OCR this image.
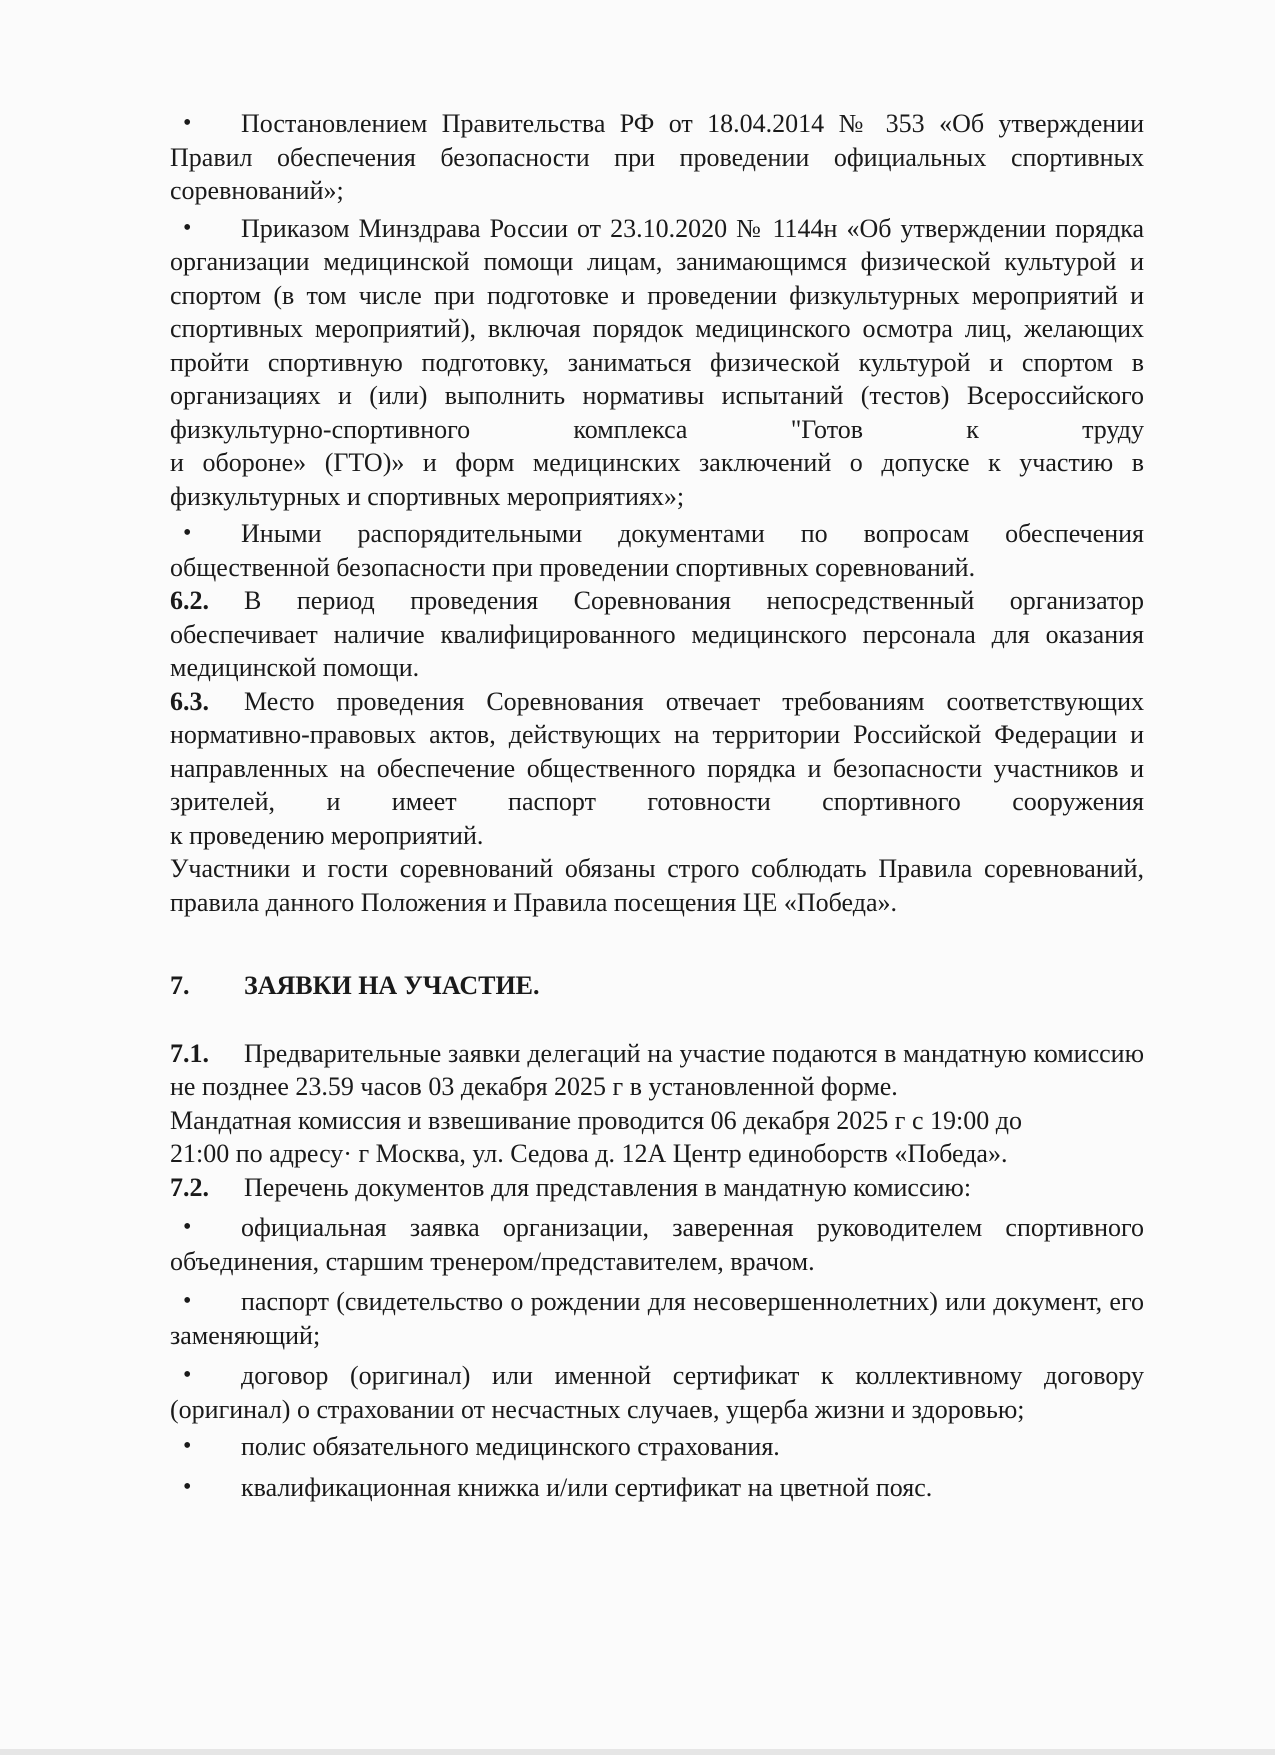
• Постановлением Правительства РФ от 18.04.2014 № 353 «Об утверждении Правил обеспечения безопасности при проведении официальных спортивных соревнований»;

• Приказом Минздрава России от 23.10.2020 № 1144н «Об утверждении порядка организации медицинской помощи лицам, занимающимся физической культурой и спортом (в том числе при подготовке и проведении физкультурных мероприятий и спортивных мероприятий), включая порядок медицинского осмотра лиц, желающих пройти спортивную подготовку, заниматься физической культурой и спортом в организациях и (или) выполнить нормативы испытаний (тестов) Всероссийского физкультурно-спортивного комплекса "Готов к труду

и обороне» (ГТО)» и форм медицинских заключений о допуске к участию в физкультурных и спортивных мероприятиях»;

• Иными распорядительными документами по вопросам обеспечения общественной безопасности при проведении спортивных соревнований.

6.2. В период проведения Соревнования непосредственный организатор обеспечивает наличие квалифицированного медицинского персонала для оказания медицинской помощи.

6.3. Место проведения Соревнования отвечает требованиям соответствующих нормативно-правовых актов, действующих на территории Российской Федерации и направленных на обеспечение общественного порядка и безопасности участников и зрителей, и имеет паспорт готовности спортивного сооружения

к проведению мероприятий.

Участники и гости соревнований обязаны строго соблюдать Правила соревнований, правила данного Положения и Правила посещения ЦЕ «Победа».

7. ЗАЯВКИ НА УЧАСТИЕ.

7.1. Предварительные заявки делегаций на участие подаются в мандатную комиссию не позднее 23.59 часов 03 декабря 2025 г в установленной форме.

Мандатная комиссия и взвешивание проводится 06 декабря 2025 г с 19:00 до

21:00 по адресу· г Москва, ул. Седова д. 12А Центр единоборств «Победа».

7.2. Перечень документов для представления в мандатную комиссию:

• официальная заявка организации, заверенная руководителем спортивного объединения, старшим тренером/представителем, врачом.

• паспорт (свидетельство о рождении для несовершеннолетних) или документ, его заменяющий;

• договор (оригинал) или именной сертификат к коллективному договору (оригинал) о страховании от несчастных случаев, ущерба жизни и здоровью;

• полис обязательного медицинского страхования.

• квалификационная книжка и/или сертификат на цветной пояс.
